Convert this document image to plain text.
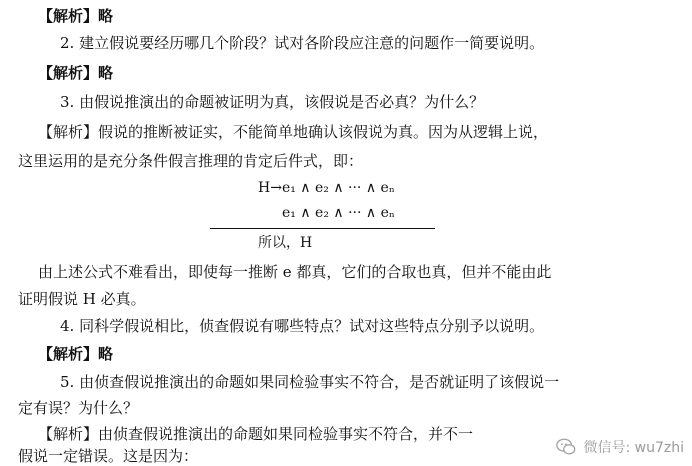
【解析】略
2. 建立假说要经历哪几个阶段？试对各阶段应注意的问题作一简要说明。
【解析】略
3. 由假说推演出的命题被证明为真，该假说是否必真？为什么？
【解析】假说的推断被证实，不能简单地确认该假说为真。因为从逻辑上说，
这里运用的是充分条件假言推理的肯定后件式，即：
H→e₁ ∧ e₂ ∧ ··· ∧ eₙ
e₁ ∧ e₂ ∧ ··· ∧ eₙ
所以，H
由上述公式不难看出，即使每一推断 e 都真，它们的合取也真，但并不能由此
证明假说 H 必真。
4. 同科学假说相比，侦查假说有哪些特点？试对这些特点分别予以说明。
【解析】略
5. 由侦查假说推演出的命题如果同检验事实不符合，是否就证明了该假说一
定有误？为什么？
【解析】由侦查假说推演出的命题如果同检验事实不符合，并不一
假说一定错误。这是因为：	微信号: wu7zhi
